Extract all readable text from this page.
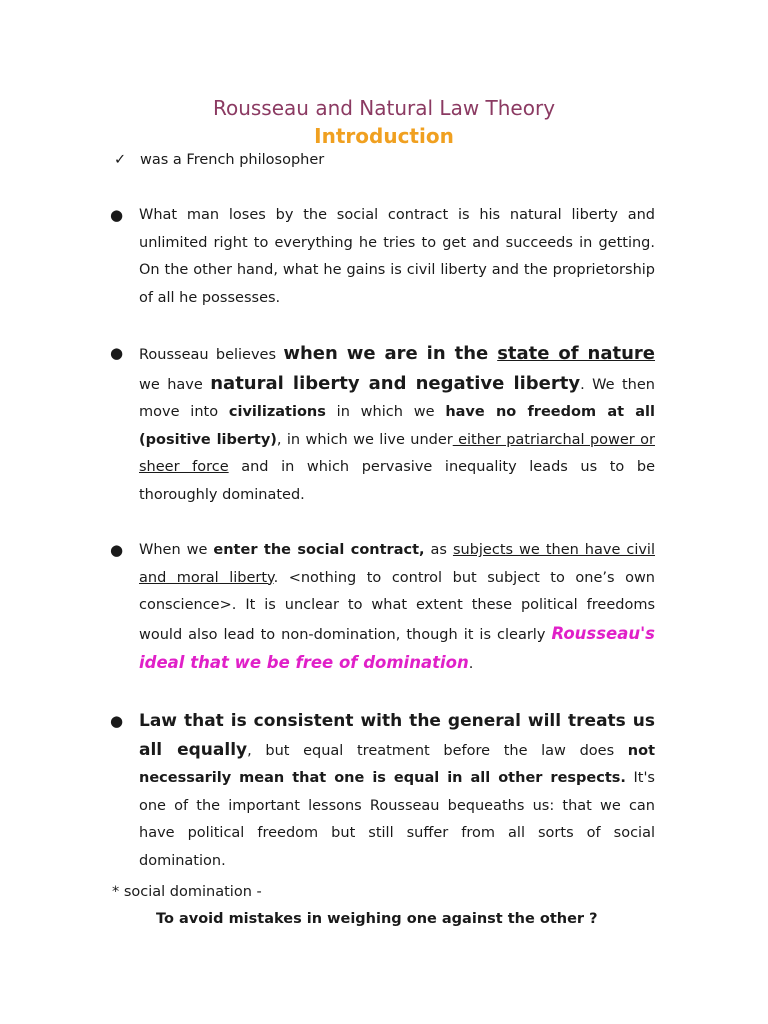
Rousseau and Natural Law Theory
Introduction
✓ was a French philosopher
● What man loses by the social contract is his natural liberty and unlimited right to everything he tries to get and succeeds in getting. On the other hand, what he gains is civil liberty and the proprietorship of all he possesses.
● Rousseau believes when we are in the state of nature we have natural liberty and negative liberty. We then move into civilizations in which we have no freedom at all (positive liberty), in which we live under either patriarchal power or sheer force and in which pervasive inequality leads us to be thoroughly dominated.
● When we enter the social contract, as subjects we then have civil and moral liberty. <nothing to control but subject to one’s own conscience>. It is unclear to what extent these political freedoms would also lead to non-domination, though it is clearly Rousseau's ideal that we be free of domination.
● Law that is consistent with the general will treats us all equally, but equal treatment before the law does not necessarily mean that one is equal in all other respects. It's one of the important lessons Rousseau bequeaths us: that we can have political freedom but still suffer from all sorts of social domination.
* social domination -
To avoid mistakes in weighing one against the other ?
